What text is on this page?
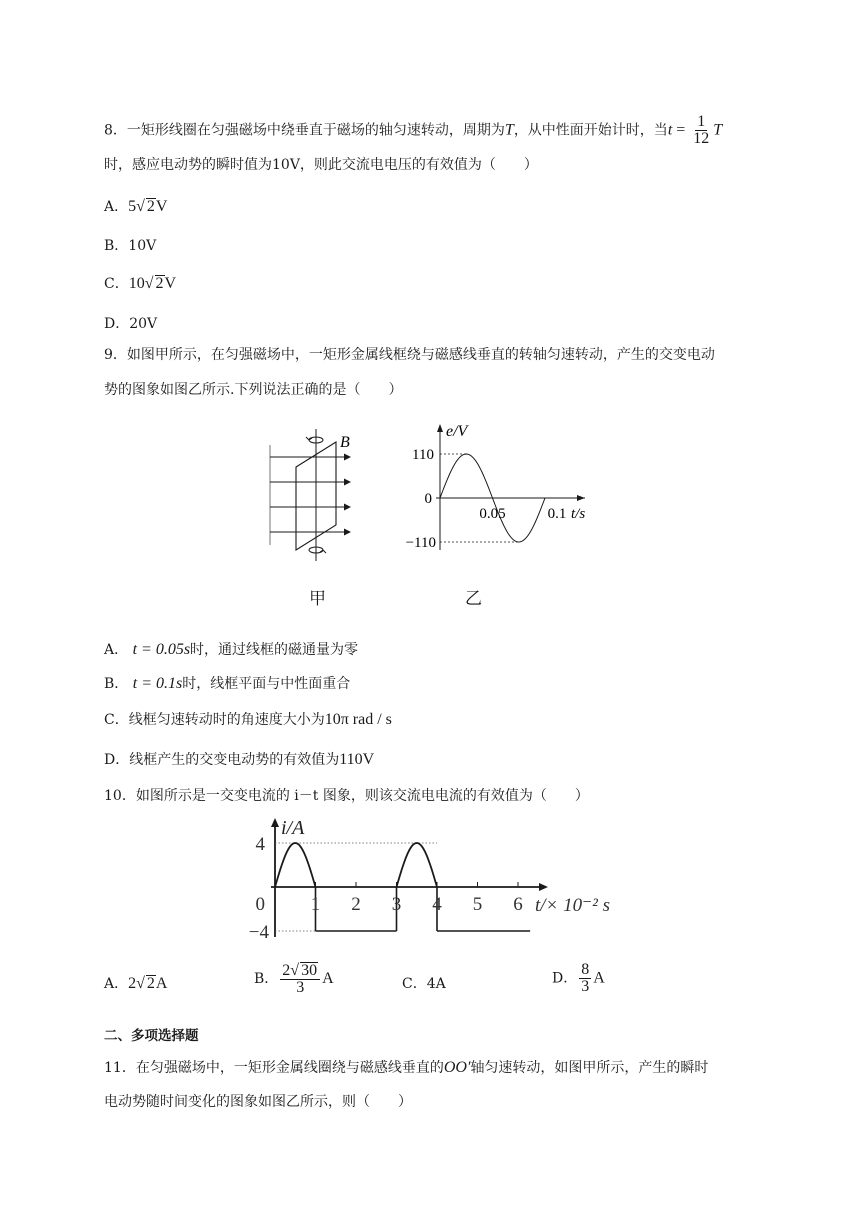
8．一矩形线圈在匀强磁场中绕垂直于磁场的轴匀速转动，周期为T，从中性面开始计时，当$t = \frac{1}{12}$ T
时，感应电动势的瞬时值为10V，则此交流电电压的有效值为（　　）
A．5√ 2V
B．10V
C．10√ 2V
D．20V
9．如图甲所示，在匀强磁场中，一矩形金属线框绕与磁感线垂直的转轴匀速转动，产生的交变电动
势的图象如图乙所示.下列说法正确的是（　　）
B
甲
110
0
−110
0.05	0.1
e/V
t/s
乙
A． t = 0.05s时，通过线框的磁通量为零
B． t = 0.1s时，线框平面与中性面重合
C．线框匀速转动时的角速度大小为10π rad / s
D．线框产生的交变电动势的有效值为110V
10．如图所示是一交变电流的 i－t 图象，则该交流电电流的有效值为（　　）
1 2 3 4 5 6
4
0
−4
i/A
t/× 10⁻² s
A．2√ 2A	B． $\frac{2√ 30}{3}$ A	C．4A	D． $\frac{8}{3}$ A
二、多项选择题
11．在匀强磁场中，一矩形金属线圈绕与磁感线垂直的OO′轴匀速转动，如图甲所示，产生的瞬时
电动势随时间变化的图象如图乙所示，则（　　）
